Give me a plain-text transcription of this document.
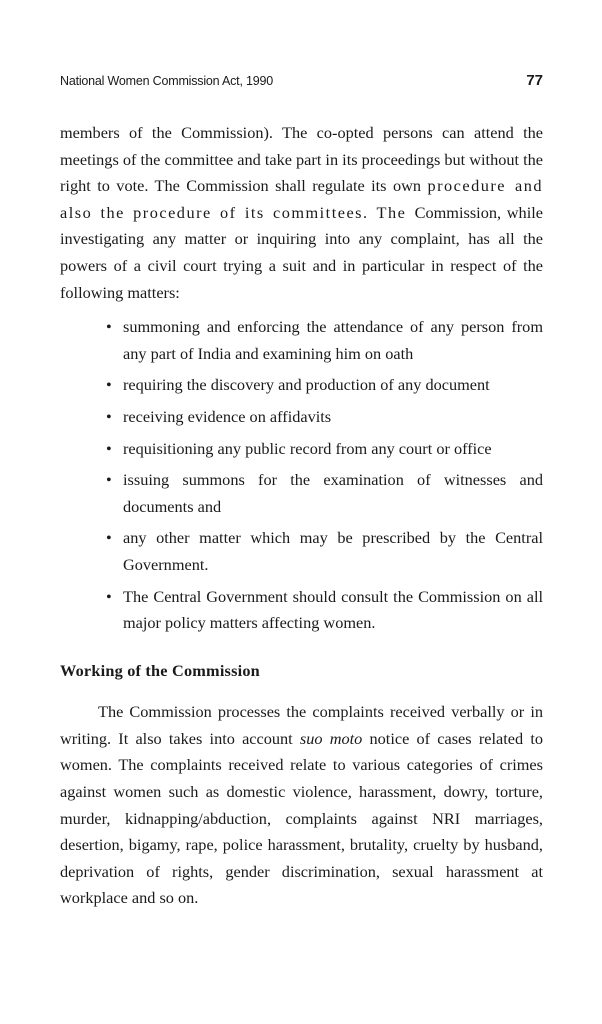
National Women Commission Act, 1990	77

members of the Commission). The co-opted persons can attend the meetings of the committee and take part in its proceedings but without the right to vote. The Commission shall regulate its own procedure and also the procedure of its committees. The Commission, while investigating any matter or inquiring into any complaint, has all the powers of a civil court trying a suit and in particular in respect of the following matters:

• summoning and enforcing the attendance of any person from any part of India and examining him on oath
• requiring the discovery and production of any document
• receiving evidence on affidavits
• requisitioning any public record from any court or office
• issuing summons for the examination of witnesses and documents and
• any other matter which may be prescribed by the Central Government.
• The Central Government should consult the Commission on all major policy matters affecting women.
Working of the Commission

The Commission processes the complaints received verbally or in writing. It also takes into account suo moto notice of cases related to women. The complaints received relate to various categories of crimes against women such as domestic violence, harassment, dowry, torture, murder, kidnapping/abduction, complaints against NRI marriages, desertion, bigamy, rape, police harassment, brutality, cruelty by husband, deprivation of rights, gender discrimination, sexual harassment at workplace and so on.
